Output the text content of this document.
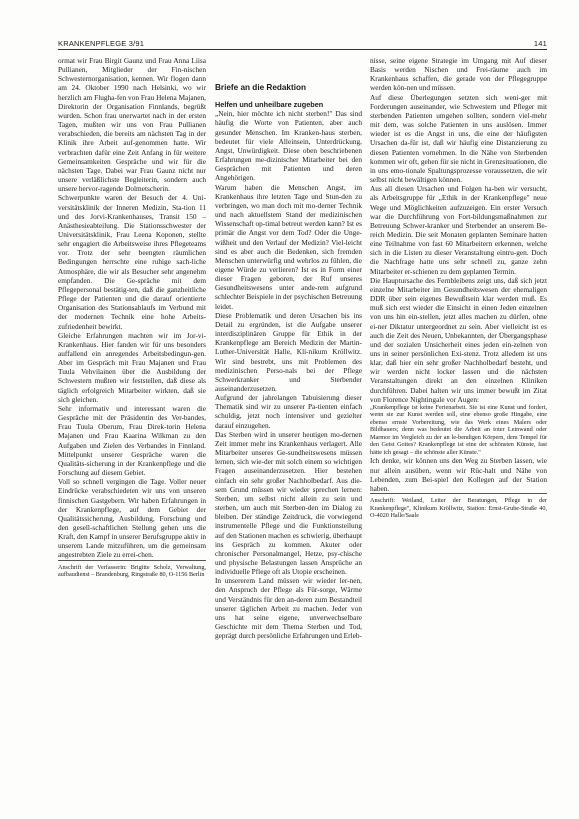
KRANKENPFLEGE 3/91	141

ormat wir Frau Birgit Gaunz und Frau Anna Liisa Pullianen, Mitglieder der Fin-nischen Schwesternorganisation, kennen. Wir flogen dann am 24. Oktober 1990 nach Helsinki, wo wir herzlich am Flugha-fen von Frau Helena Majanen, Direktorin der Organisation Finnlands, begrüßt wurden. Schon frau unerwartet nach in der ersten Tagen, mußten wir uns von Frau Pullianen verabschieden, die bereits am nächsten Tag in der Klinik ihre Arbeit auf-genommen hatte. Wir verbrachten dafür eine Zeit Anfang in für weitere Gemeinsamkeiten Gespräche und wir für die nächsten Tage. Dabei war Frau Gaunz nicht nur unsere verläßlichste Begleiterin, sondern auch unsere hervor-ragende Dolmetscherin.

Schwerpunkte waren der Besuch der 4. Uni-versitätsklinik der Inneren Medizin, Sta-tion 11 und des Jorvi-Krankenhauses, Transit 150 – Anästhesieabteilung. Die Stationsschwester der Universitätsklinik, Frau Leena Koponen, stellte sehr engagiert die Arbeitsweise ihres Pflegeteams vor. Trotz der sehr beengten räumlichen Bedingungen herrschte eine ruhige sach-liche Atmosphäre, die wir als Besucher sehr angenehm empfanden. Die Ge-spräche mit dem Pflegepersonal bestätig-ten, daß die ganzheitliche Pflege der Patienten und die darauf orientierte Organisation des Stationsablaufs im Verbund mit der modernen Technik eine hohe Arbeits-zufriedenheit bewirkt.

Gleiche Erfahrungen machten wir im Jor-vi-Krankenhaus. Hier fanden wir für uns besonders auffallend ein anregendes Arbeitsbedingun-gen. Aber im Gespräch mit Frau Majanen und Frau Tuula Vehvilainen über die Ausbildung der Schwestern mußten wir feststellen, daß diese als täglich erfolgreich Mitarbeiter wirkten, daß sie sich gleichen.

Sehr informativ und interessant waren die Gespräche mit der Präsidentin des Ver-bandes, Frau Tuula Oberum, Frau Direk-torin Helena Majanen und Frau Kaarina Wilkman zu den Aufgaben und Zielen des Verbandes in Finnland. Mittelpunkt unserer Gespräche waren die Qualitäts-sicherung in der Krankenpflege und die Forschung auf diesem Gebiet.

Voll so schnell vergingen die Tage. Voller neuer Eindrücke verabschiedeten wir uns von unseren finnischen Gastgebern. Wir haben Erfahrungen in der Krankenpflege, auf dem Gebiet der Qualitätssicherung, Ausbildung, Forschung und den gesell-schaftlichen Stellung gehen uns die Kraft, den Kampf in unserer Berufsgruppe aktiv in unserem Lande mitzuführen, um die gemeinsam angestrebten Ziele zu errei-chen.

Anschrift der Verfasserin: Brigitte Scholz, Verwaltung, aufbaudienst – Brandenburg, Ringstraße 80, O-1156 Berlin

Briefe an die Redaktion

Helfen und unheilbare zugeben

„Nein, hier möchte ich nicht sterben!" Das sind häufig die Worte von Patienten, aber auch gesunder Menschen. Im Kranken-haus sterben, bedeutet für viele Alleinsein, Unterdrückung, Angst, Unwürdigkeit. Diese oben beschriebenen Erfahrungen me-dizinischer Mitarbeiter bei den Gesprächen mit Patienten und deren Angehörigen.

Warum haben die Menschen Angst, im Krankenhaus ihre letzten Tage und Stun-den zu verbringen, wo man doch mit mo-derner Technik und nach aktuellstem Stand der medizinischen Wissenschaft op-timal betreut werden kann? Ist es primär die Angst vor dem Tod? Oder die Unge-wißheit und den Verlauf der Medizin? Viel-leicht sind es aber auch die Bedenken, sich fremden Menschen unterwürfig und wehrlos zu fühlen, die eigene Würde zu verlieren? Ist es in Form einer dieser Fragen geboren, der Ruf unseres Gesundheitswesens unter ande-rem aufgrund schlechter Beispiele in der psychischen Betreuung leidet.

Diese Problematik und deren Ursachen bis ins Detail zu ergründen, ist die Aufgabe unserer interdisziplinären Gruppe für Ethik in der Krankenpflege am Bereich Medizin der Martin-Luther-Universität Halle, Kli-nikum Kröllwitz. Wir sind bestrebt, uns mit Problemen des medizinischen Perso-nals bei der Pflege Schwerkranker und Sterbender auseinanderzusetzen.

Aufgrund der jahrelangen Tabuisierung dieser Thematik sind wir zu unserer Pa-tienten einfach schuldig, jetzt noch intensiver und gezielter darauf einzugehen.

Das Sterben wird in unserer heutigen mo-dernen Zeit immer mehr ins Krankenhaus verlagert. Alle Mitarbeiter unseres Ge-sundheitswesens müssen lernen, sich wie-der mit solch einem so wichtigen Fragen auseinanderzusetzen. Hier bestehen einfach ein sehr großer Nachholbedarf. Aus die-sem Grund müssen wir wieder sprechen lernen: Sterben, um selbst nicht allein zu sein und sterben, um auch mit Sterben-den im Dialog zu bleiben. Der ständige Zeitdruck, die vorwiegend instrumentelle Pflege und die Funktionsteilung auf den Stationen machen es schwierig, überhaupt ins Gespräch zu kommen. Akuter oder chronischer Personalmangel, Hetze, psy-chische und physische Belastungen lassen Ansprüche an individuelle Pflege oft als Utopie erscheinen.

In unsererem Land müssen wir wieder ler-nen, den Anspruch der Pflege als Für-sorge, Wärme und Verständnis für den an-deren zum Bestandteil unserer täglichen Arbeit zu machen. Jeder von uns hat seine eigene, unverwechselbare Geschichte mit dem Thema Sterben und Tod, geprägt durch persönliche Erfahrungen und Erleb-

nisse, seine eigene Strategie im Umgang mit Auf dieser Basis werden Nischen und Frei-räume auch im Krankenhaus schaffen, die gerade von der Pflegegruppe werden kön-nen und müssen.

Auf diese Überlegungen setzten sich weni-ger mit Forderungen auseinander, wie Schwestern und Pfleger mit sterbenden Patienten umgehen sollten, sondern viel-mehr mit dem, was solche Patienten in uns auslösen. Immer wieder ist es die Angst in uns, die eine der häufigsten Ursachen da-für ist, daß wir häufig eine Distanzierung zu diesen Patienten vornehmen. In die Nähe von Sterbenden kommen wir oft, gehen für sie nicht in Grenzsituationen, die in uns emo-tionale Spaltungsprozesse voraussetzen, die wir selbst nicht bewältigen können.

Aus all diesen Ursachen und Folgen ha-ben wir versucht, als Arbeitsgruppe für „Ethik in der Krankenpflege" neue Wege und Möglichkeiten aufzuzeigen. Ein erster Versuch war die Durchführung von Fort-bildungsmaßnahmen zur Betreuung Schwer-kranker und Sterbender an unserem Be-reich Medizin. Die seit Monaten geplanten Seminare hatten eine Teilnahme von fast 60 Mitarbeitern erkennen, welche sich in die Listen zu dieser Veranstaltung eintru-gen. Doch die Nachfrage hatte uns sehr schnell zu, ganze zehn Mitarbeiter er-schienen zu dem geplanten Termin.

Die Hauptursache des Fernbleibens zeigt uns, daß sich jetzt einzelne Mitarbeiter im Gesundheitswesen der ehemaligen DDR über sein eigenes Bewußtsein klar werden muß. Es muß sich erst wieder die Einsicht in einen Jeden einzelnen von uns hin ein-stellen, jetzt alles machen zu dürfen, ohne ei-ner Diktatur untergeordnet zu sein. Aber vielleicht ist es auch die Zeit des Neuen, Unbekannten, der Übergangsphase und der sozialen Unsicherheit eines jeden ein-zelnen von uns in seiner persönlichen Exi-stenz. Trotz alledem ist uns klar, daß hier ein sehr großer Nachholbedarf besteht, und wir werden nicht locker lassen und die nächsten Veranstaltungen direkt an den einzelnen Kliniken durchführen. Dabei halten wir uns immer bewußt im Zitat von Florence Nightingale vor Augen:

„Krankenpflege ist keine Ferienarbeit. Sie ist eine Kunst und fordert, wenn sie zur Kunst werden soll, eine ebenso große Hingabe, eine ebenso ernste Vorbereitung, wie das Werk eines Malers oder Bildhauers; denn was bedeutet die Arbeit an toter Leinwand oder Marmor im Vergleich zu der an le-bendigen Körpern, dem Tempel für den Geist Gottes? Krankenpflege ist eine der schönsten Künste, fast hätte ich gesagt – die schönste aller Künste."

Ich denke, wir können uns den Weg zu Sterben lassen, wie nur allein ausüben, wenn wir Rüc-halt und Nähe von Lebenden, zum Bei-spiel den Kollegen auf der Station haben.

Anschrift: Weiland, Leiter der Beratungen, Pflege in der Krankenpflege", Klinikum Kröllwitz, Station: Ernst-Grube-Straße 40, O-4020 Halle/Saale
